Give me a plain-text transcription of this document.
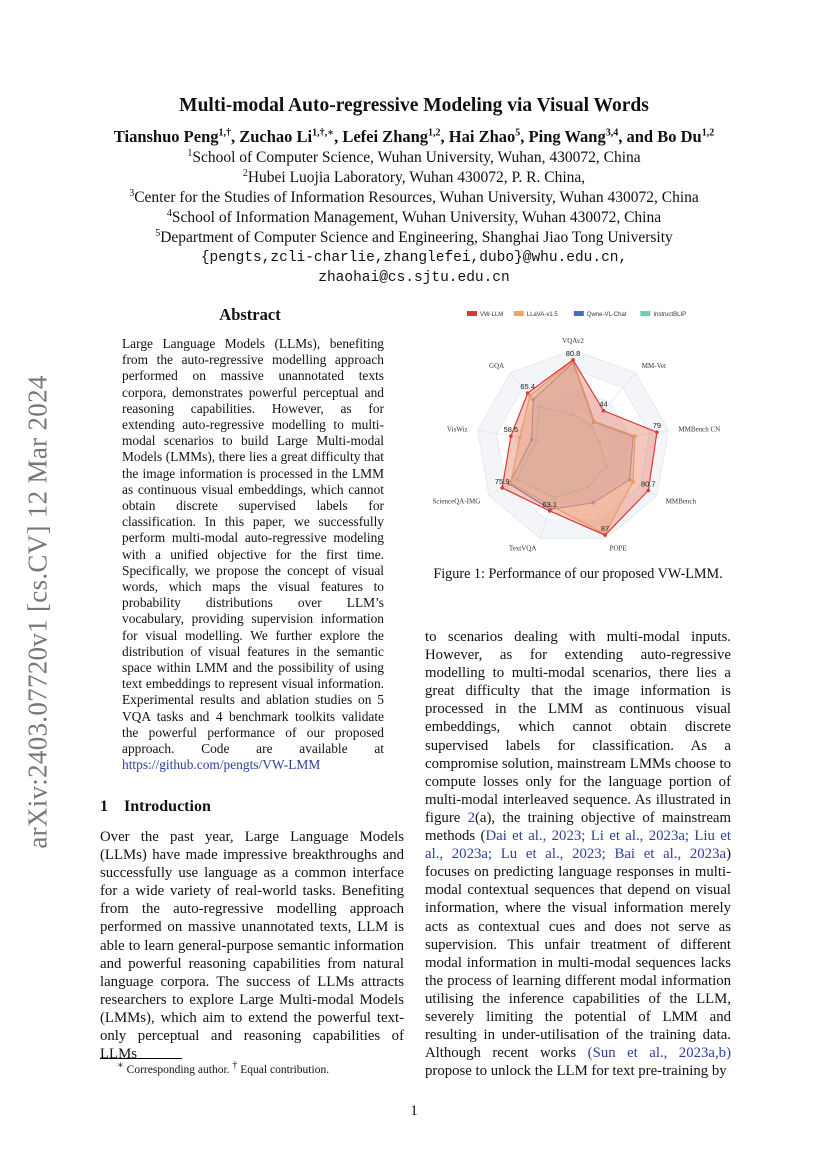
arXiv:2403.07720v1 [cs.CV] 12 Mar 2024
Multi-modal Auto-regressive Modeling via Visual Words
Tianshuo Peng$^{1,\dagger}$, Zuchao $Li^{1,\dagger,∗}$, Lefei Zhang$^{1,2}$, Hai Zhao$^5$, Ping Wang$^{3,4}$, and Bo Du$^{1,2}$
$^1$School of Computer Science, Wuhan University, Wuhan, 430072, China
$^2$Hubei Luojia Laboratory, Wuhan 430072, P. R. China,
$^3$Center for the Studies of Information Resources, Wuhan University, Wuhan 430072, China
$^4$School of Information Management, Wuhan University, Wuhan 430072, China
$^5$Department of Computer Science and Engineering, Shanghai Jiao Tong University
{pengts,zcli-charlie,zhanglefei,dubo}@whu.edu.cn,
zhaohai@cs.sjtu.edu.cn
Abstract
Large Language Models (LLMs), benefiting from the auto-regressive modelling approach performed on massive unannotated texts corpora, demonstrates powerful perceptual and reasoning capabilities. However, as for extending auto-regressive modelling to multi-modal scenarios to build Large Multi-modal Models (LMMs), there lies a great difficulty that the image information is processed in the LMM as continuous visual embeddings, which cannot obtain discrete supervised labels for classification. In this paper, we successfully perform multi-modal auto-regressive modeling with a unified objective for the first time. Specifically, we propose the concept of visual words, which maps the visual features to probability distributions over LLM’s vocabulary, providing supervision information for visual modelling. We further explore the distribution of visual features in the semantic space within LMM and the possibility of using text embeddings to represent visual information. Experimental results and ablation studies on 5 VQA tasks and 4 benchmark toolkits validate the powerful performance of our proposed approach. Code are available at https://github.com/pengts/VW-LMM
80.8
44
79
80.7
87
63.1
75.9
58.5
65.4
VQAv2
MM-Vet
MMBench CN
MMBench
POPE
TextVQA
ScienceQA-IMG
VisWiz
GQA
VW-LLM	LLaVA-v1.5	Qwne-VL-Chat	InstructBLIP
Figure 1: Performance of our proposed VW-LMM.
1 Introduction
Over the past year, Large Language Models (LLMs) have made impressive breakthroughs and successfully use language as a common interface for a wide variety of real-world tasks. Benefiting from the auto-regressive modelling approach performed on massive unannotated texts, LLM is able to learn general-purpose semantic information and powerful reasoning capabilities from natural language corpora. The success of LLMs attracts researchers to explore Large Multi-modal Models (LMMs), which aim to extend the powerful text-only perceptual and reasoning capabilities of LLMs
to scenarios dealing with multi-modal inputs. However, as for extending auto-regressive modelling to multi-modal scenarios, there lies a great difficulty that the image information is processed in the LMM as continuous visual embeddings, which cannot obtain discrete supervised labels for classification. As a compromise solution, mainstream LMMs choose to compute losses only for the language portion of multi-modal interleaved sequence. As illustrated in figure 2(a), the training objective of mainstream methods (Dai et al., 2023; Li et al., 2023a; Liu et al., 2023a; Lu et al., 2023; Bai et al., 2023a) focuses on predicting language responses in multi-modal contextual sequences that depend on visual information, where the visual information merely acts as contextual cues and does not serve as supervision. This unfair treatment of different modal information in multi-modal sequences lacks the process of learning different modal information utilising the inference capabilities of the LLM, severely limiting the potential of LMM and resulting in under-utilisation of the training data. Although recent works (Sun et al., 2023a,b) propose to unlock the LLM for text pre-training by
∗ Corresponding author. † Equal contribution.
1
